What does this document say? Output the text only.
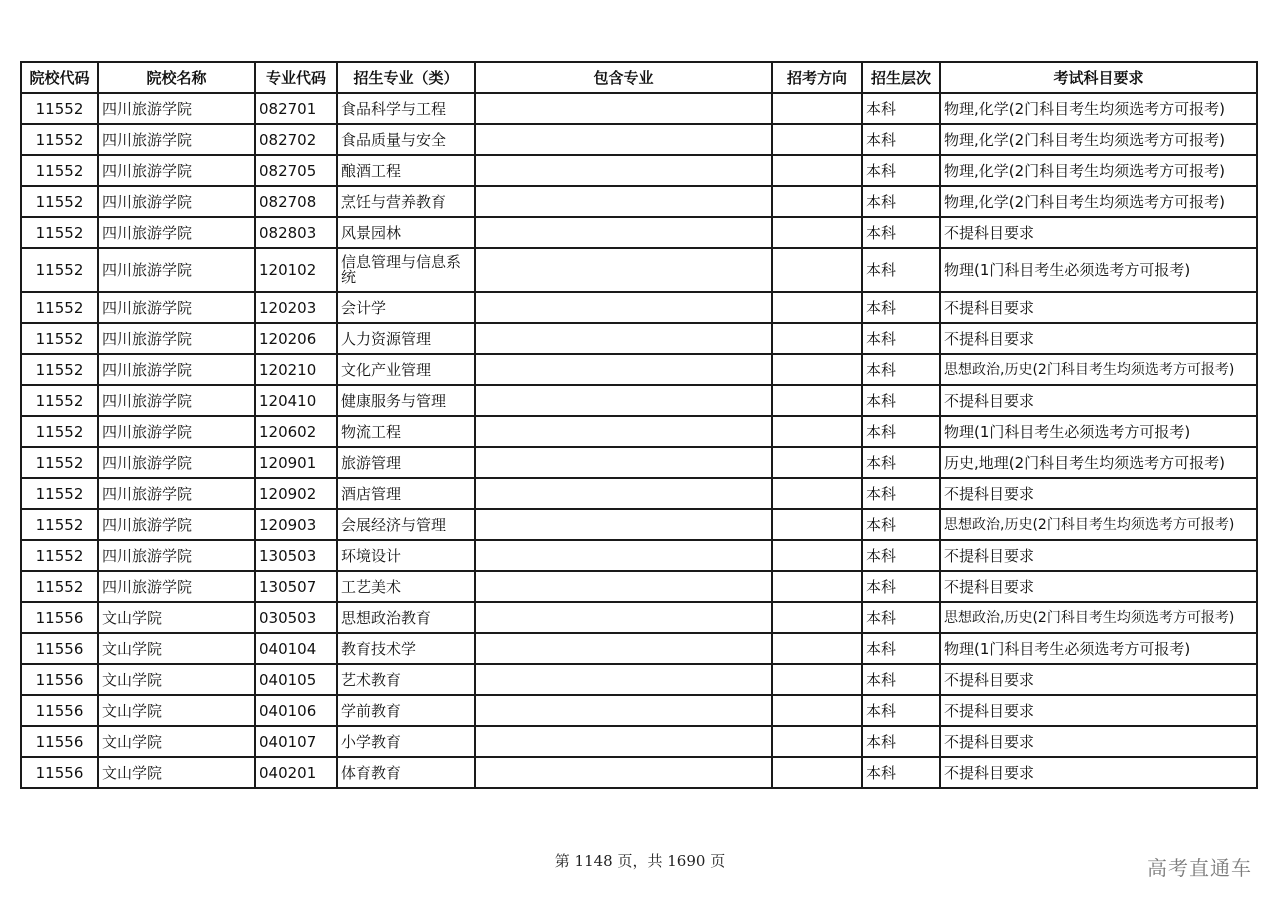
院校代码	院校名称	专业代码	招生专业（类）	包含专业	招考方向	招生层次	考试科目要求
11552	四川旅游学院	082701	食品科学与工程			本科	物理,化学(2门科目考生均须选考方可报考)
11552	四川旅游学院	082702	食品质量与安全			本科	物理,化学(2门科目考生均须选考方可报考)
11552	四川旅游学院	082705	酿酒工程			本科	物理,化学(2门科目考生均须选考方可报考)
11552	四川旅游学院	082708	烹饪与营养教育			本科	物理,化学(2门科目考生均须选考方可报考)
11552	四川旅游学院	082803	风景园林			本科	不提科目要求
11552	四川旅游学院	120102	信息管理与信息系统			本科	物理(1门科目考生必须选考方可报考)
11552	四川旅游学院	120203	会计学			本科	不提科目要求
11552	四川旅游学院	120206	人力资源管理			本科	不提科目要求
11552	四川旅游学院	120210	文化产业管理			本科	思想政治,历史(2门科目考生均须选考方可报考)
11552	四川旅游学院	120410	健康服务与管理			本科	不提科目要求
11552	四川旅游学院	120602	物流工程			本科	物理(1门科目考生必须选考方可报考)
11552	四川旅游学院	120901	旅游管理			本科	历史,地理(2门科目考生均须选考方可报考)
11552	四川旅游学院	120902	酒店管理			本科	不提科目要求
11552	四川旅游学院	120903	会展经济与管理			本科	思想政治,历史(2门科目考生均须选考方可报考)
11552	四川旅游学院	130503	环境设计			本科	不提科目要求
11552	四川旅游学院	130507	工艺美术			本科	不提科目要求
11556	文山学院	030503	思想政治教育			本科	思想政治,历史(2门科目考生均须选考方可报考)
11556	文山学院	040104	教育技术学			本科	物理(1门科目考生必须选考方可报考)
11556	文山学院	040105	艺术教育			本科	不提科目要求
11556	文山学院	040106	学前教育			本科	不提科目要求
11556	文山学院	040107	小学教育			本科	不提科目要求
11556	文山学院	040201	体育教育			本科	不提科目要求
第 1148 页，共 1690 页	高考直通车
